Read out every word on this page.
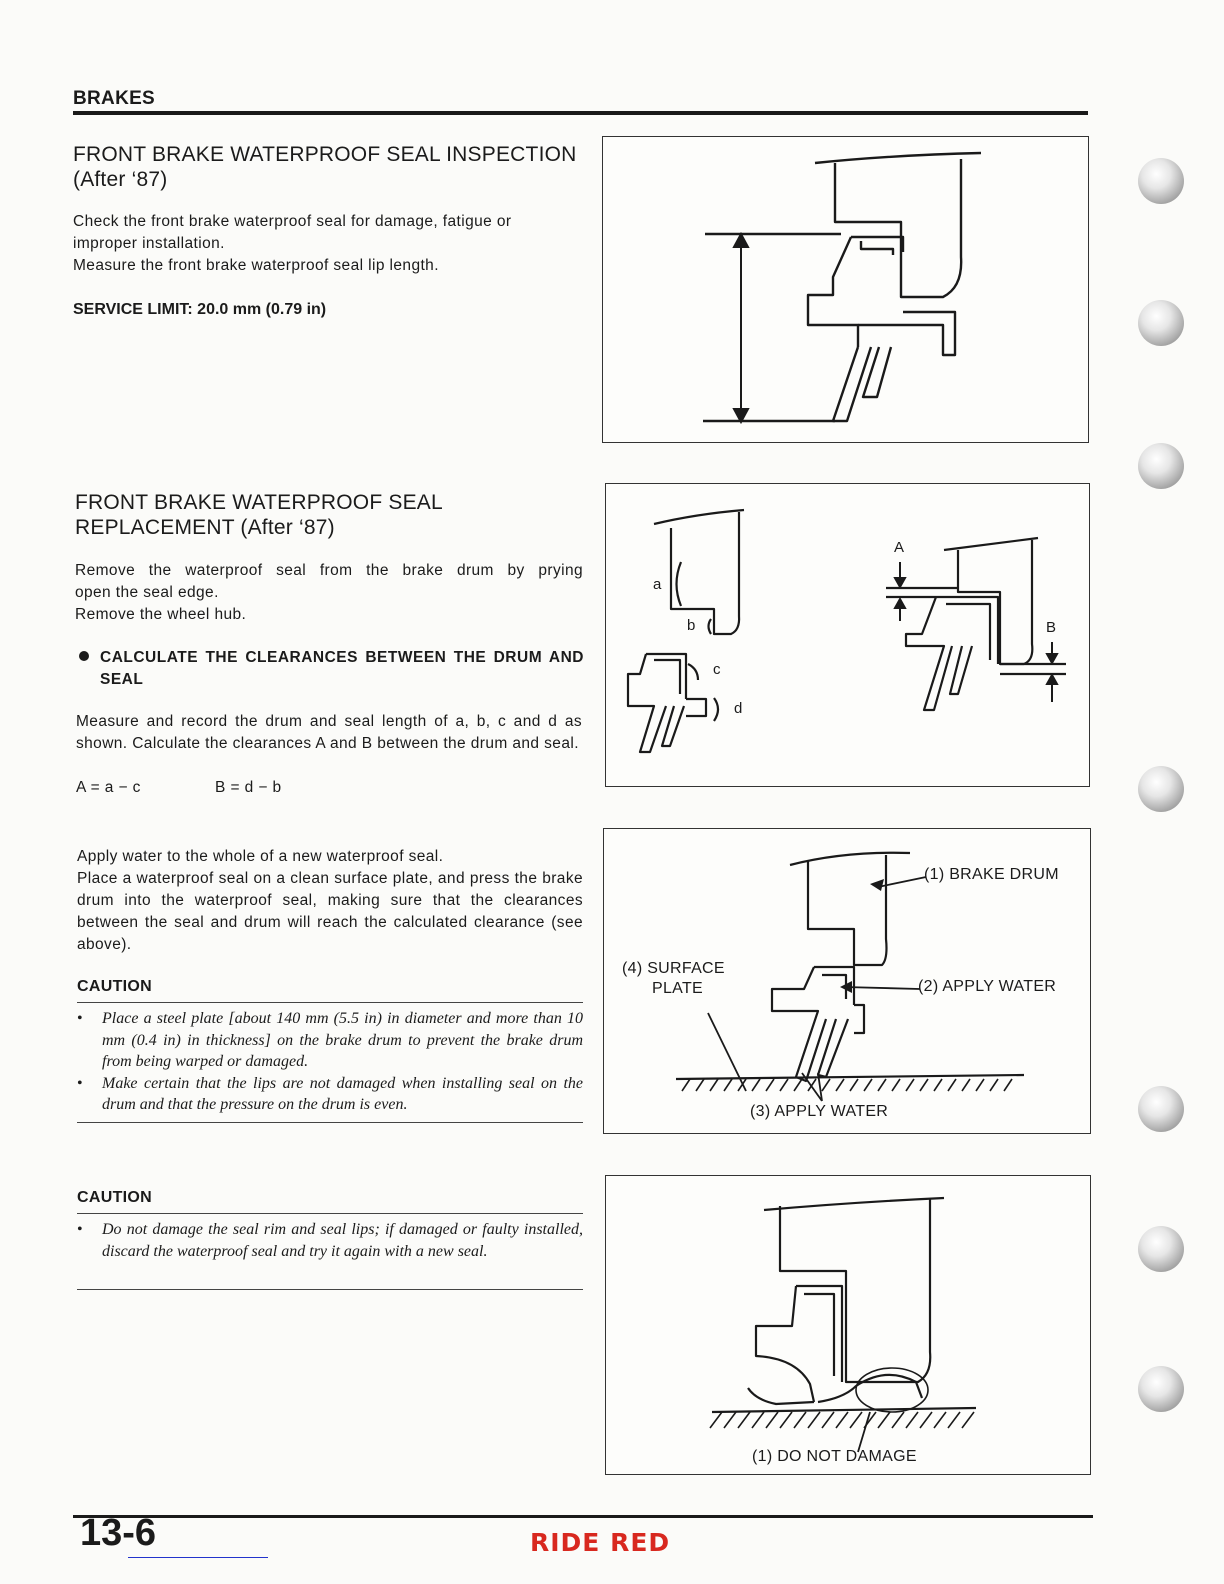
BRAKES
FRONT BRAKE WATERPROOF SEAL INSPECTION
(After ‘87)
Check the front brake waterproof seal for damage, fatigue or
improper installation.
Measure the front brake waterproof seal lip length.
SERVICE LIMIT: 20.0 mm (0.79 in)
FRONT BRAKE WATERPROOF SEAL
REPLACEMENT (After ‘87)
Remove the waterproof seal from the brake drum by prying
open the seal edge.
Remove the wheel hub.
CALCULATE THE CLEARANCES BETWEEN THE DRUM AND SEAL
Measure and record the drum and seal length of a, b, c and d as shown. Calculate the clearances A and B between the drum and seal.
A = a − c	B = d − b
a
b
c
d
A
B
Apply water to the whole of a new waterproof seal.
Place a waterproof seal on a clean surface plate, and press the brake drum into the waterproof seal, making sure that the clearances between the seal and drum will reach the calculated clearance (see above).
CAUTION
• Place a steel plate [about 140 mm (5.5 in) in diameter and more than 10 mm (0.4 in) in thickness] on the brake drum to prevent the brake drum from being warped or damaged.
• Make certain that the lips are not damaged when installing seal on the drum and that the pressure on the drum is even.
(1) BRAKE DRUM
(2) APPLY WATER
(3) APPLY WATER
(4) SURFACE
PLATE
CAUTION
• Do not damage the seal rim and seal lips; if damaged or faulty installed, discard the waterproof seal and try it again with a new seal.
(1) DO NOT DAMAGE
13-6	RIDE RED
